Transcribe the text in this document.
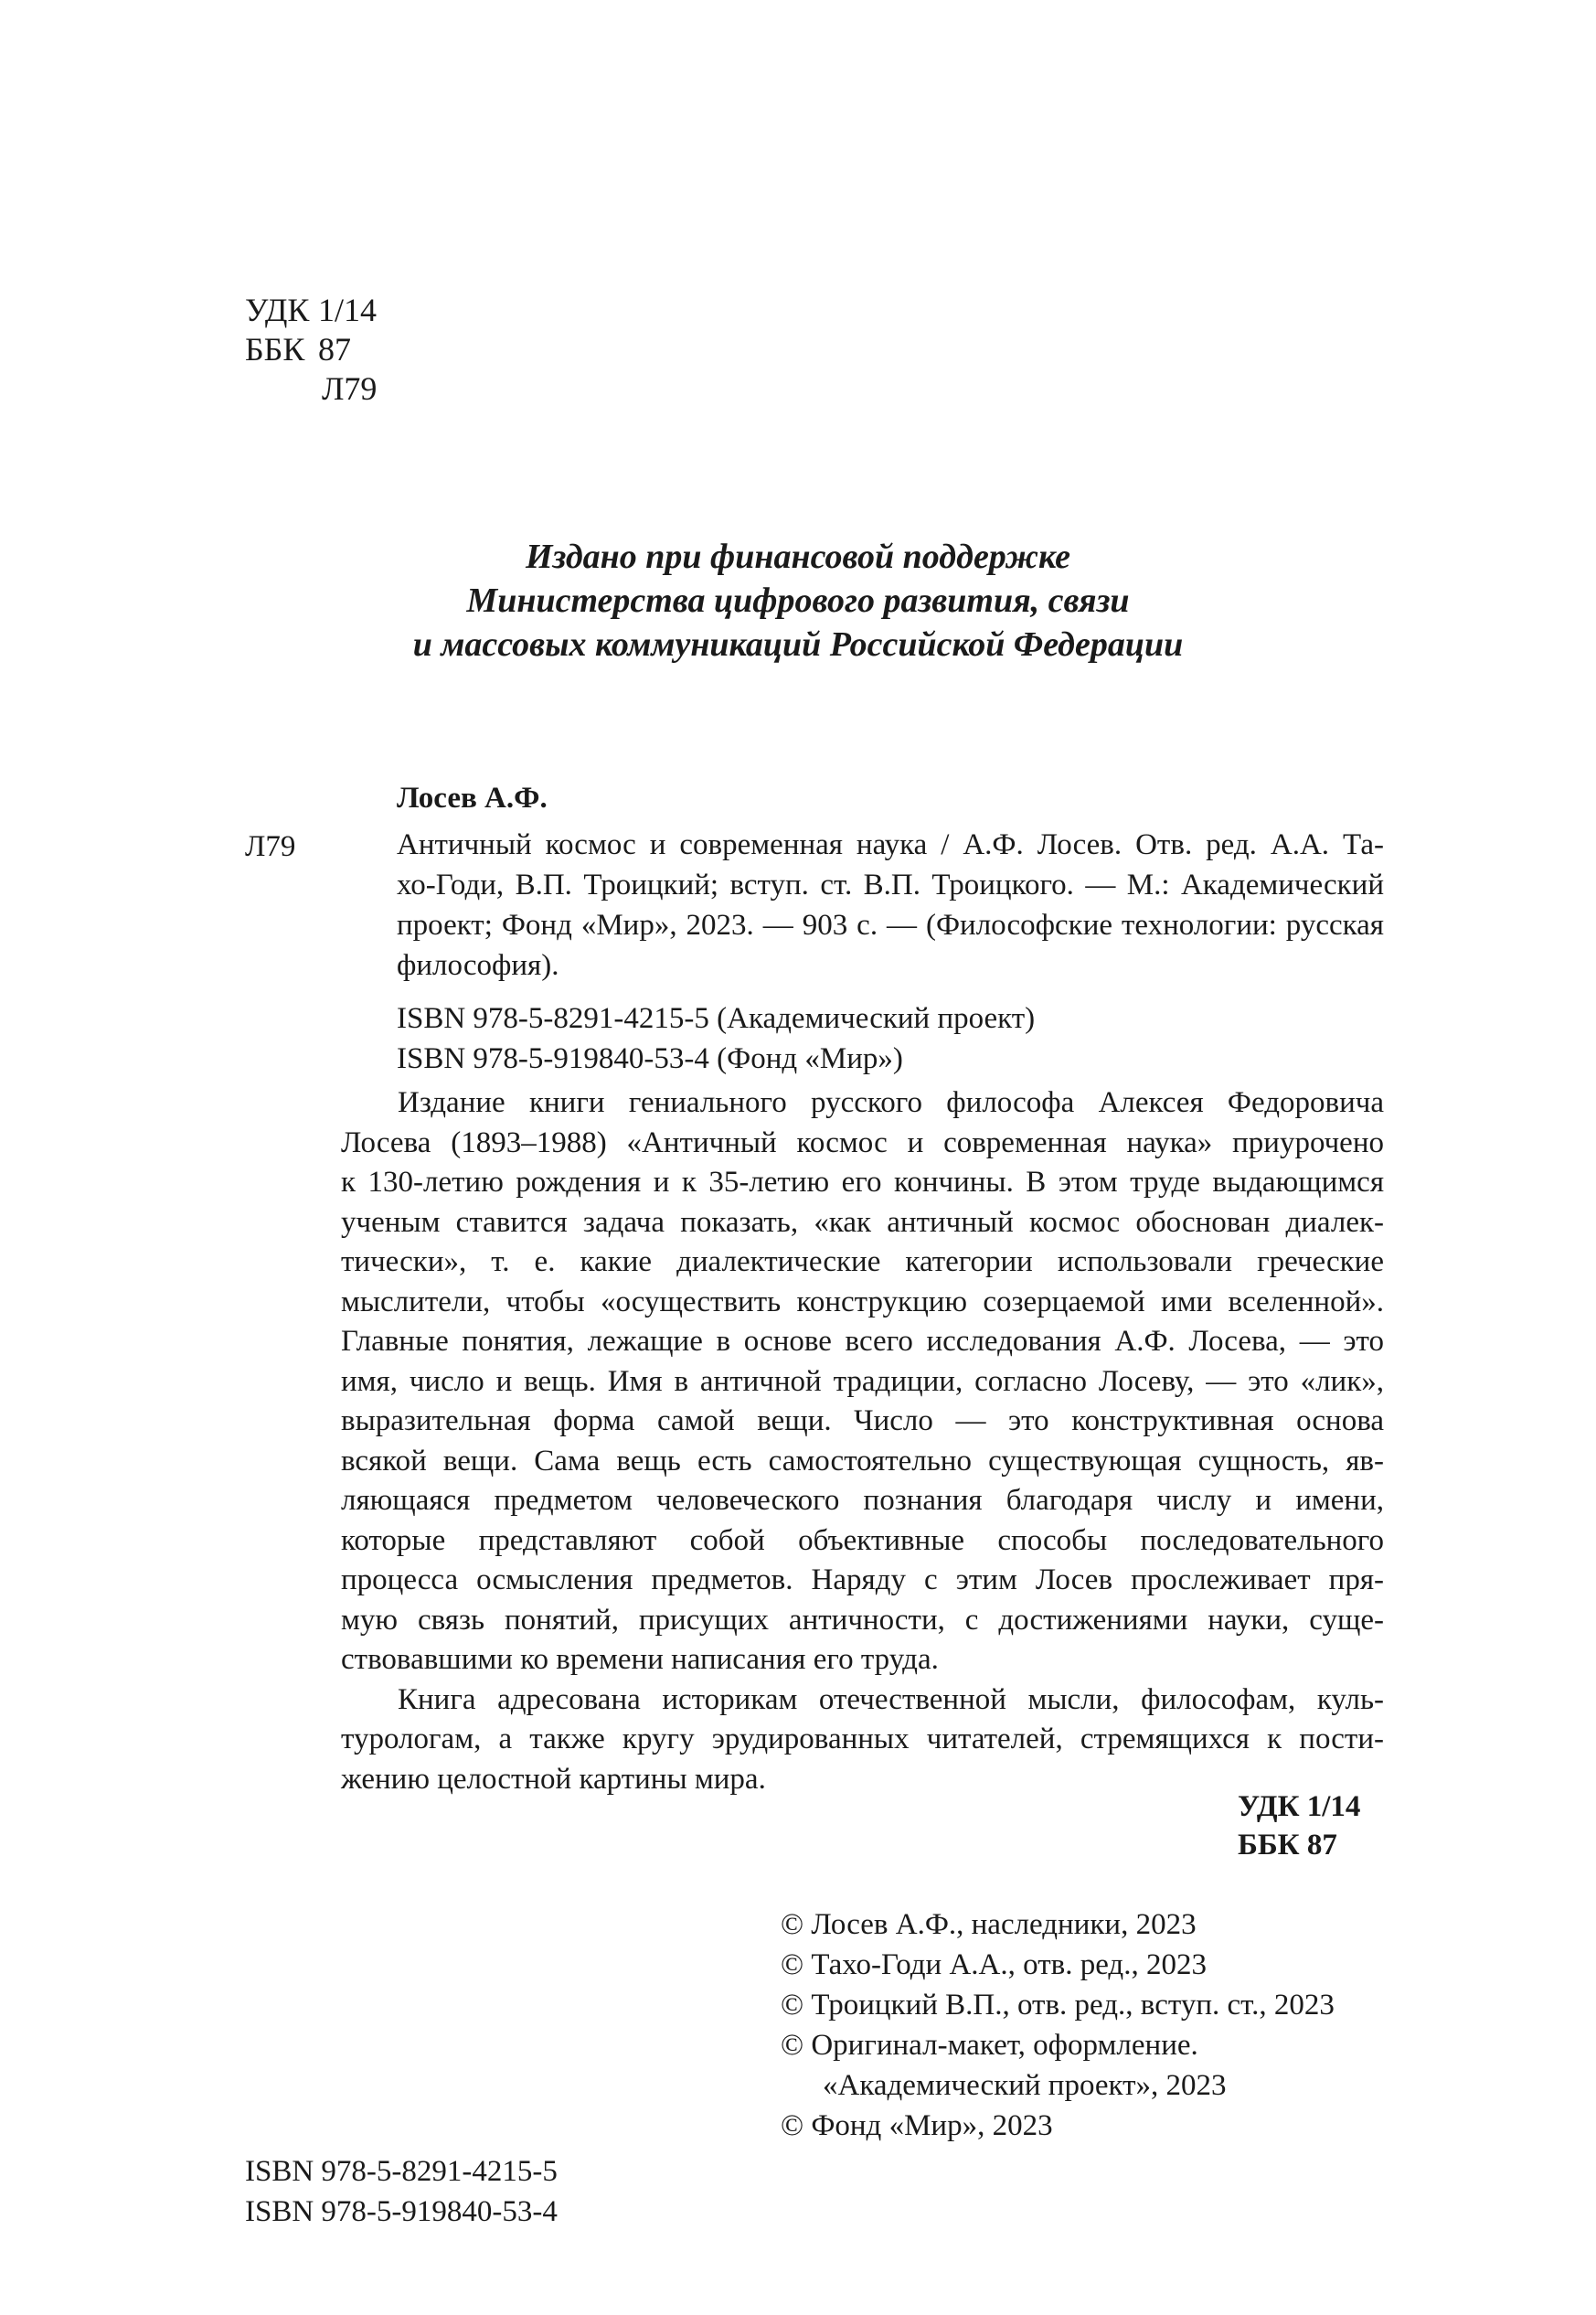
УДК 1/14
ББК 87
Л79
Издано при финансовой поддержке
Министерства цифрового развития, связи
и массовых коммуникаций Российской Федерации
Лосев А.Ф.
Л79	Античный космос и современная наука / А.Ф. Лосев. Отв. ред. А.А. Та-
хо-Годи, В.П. Троицкий; вступ. ст. В.П. Троицкого. — М.: Академический
проект; Фонд «Мир», 2023. — 903 с. — (Философские технологии: русская
философия).
ISBN 978-5-8291-4215-5 (Академический проект)
ISBN 978-5-919840-53-4 (Фонд «Мир»)
Издание книги гениального русского философа Алексея Федоровича
Лосева (1893–1988) «Античный космос и современная наука» приурочено
к 130-летию рождения и к 35-летию его кончины. В этом труде выдающимся
ученым ставится задача показать, «как античный космос обоснован диалек-
тически», т. е. какие диалектические категории использовали греческие
мыслители, чтобы «осуществить конструкцию созерцаемой ими вселенной».
Главные понятия, лежащие в основе всего исследования А.Ф. Лосева, — это
имя, число и вещь. Имя в античной традиции, согласно Лосеву, — это «лик»,
выразительная форма самой вещи. Число — это конструктивная основа
всякой вещи. Сама вещь есть самостоятельно существующая сущность, яв-
ляющаяся предметом человеческого познания благодаря числу и имени,
которые представляют собой объективные способы последовательного
процесса осмысления предметов. Наряду с этим Лосев прослеживает пря-
мую связь понятий, присущих античности, с достижениями науки, суще-
ствовавшими ко времени написания его труда.
Книга адресована историкам отечественной мысли, философам, куль-
турологам, а также кругу эрудированных читателей, стремящихся к пости-
жению целостной картины мира.
УДК 1/14
ББК 87
© Лосев А.Ф., наследники, 2023
© Тахо-Годи А.А., отв. ред., 2023
© Троицкий В.П., отв. ред., вступ. ст., 2023
© Оригинал-макет, оформление.
«Академический проект», 2023
© Фонд «Мир», 2023
ISBN 978-5-8291-4215-5
ISBN 978-5-919840-53-4
